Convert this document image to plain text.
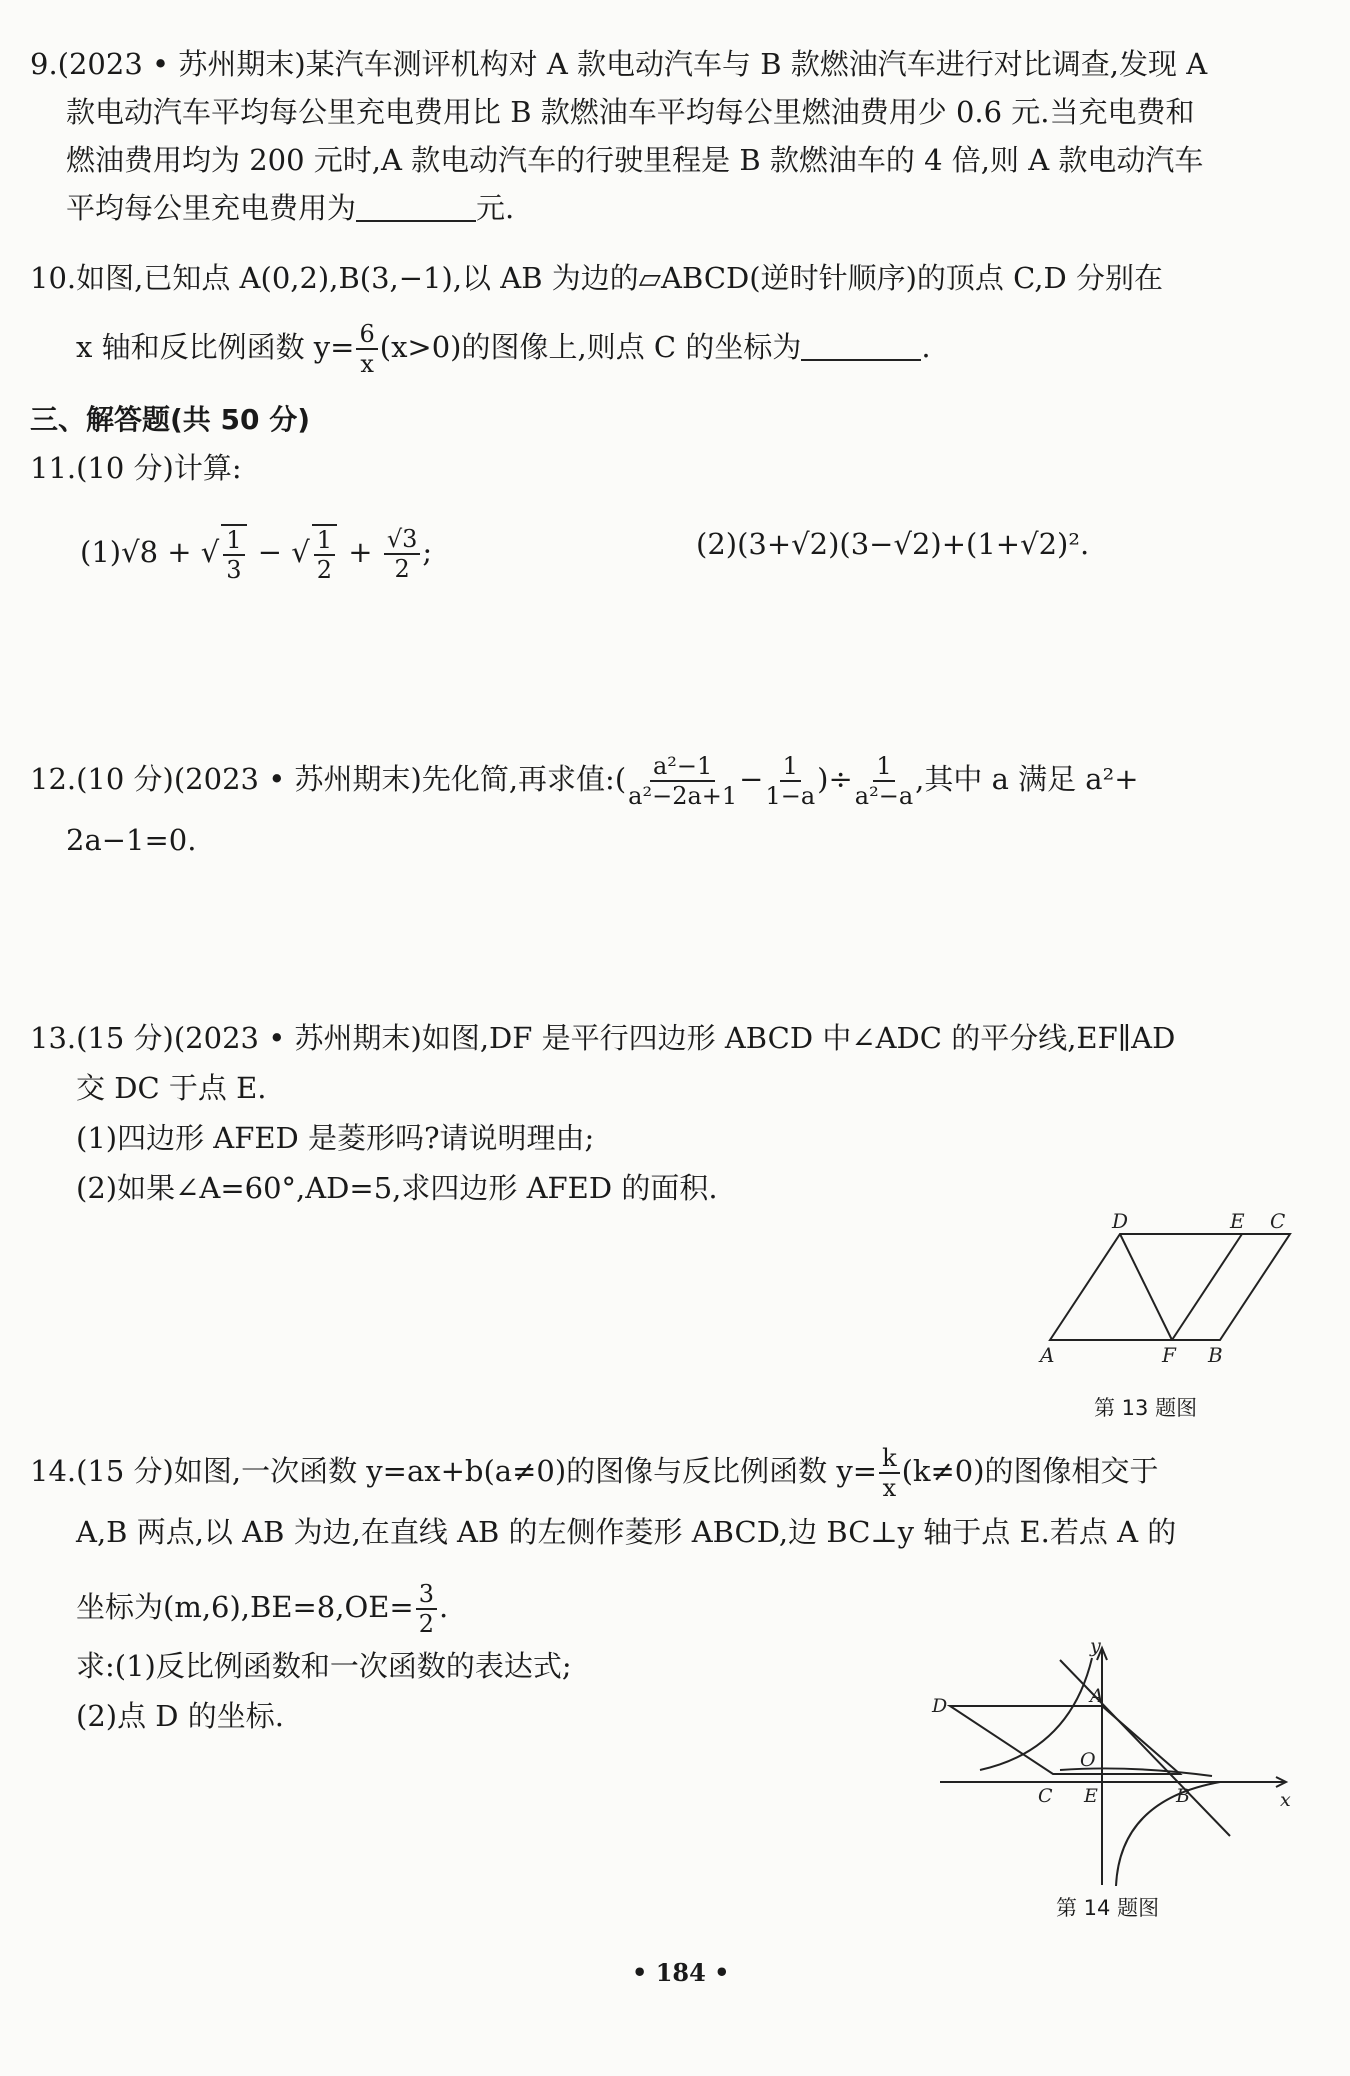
9.(2023 • 苏州期末)某汽车测评机构对 A 款电动汽车与 B 款燃油汽车进行对比调查,发现 A
款电动汽车平均每公里充电费用比 B 款燃油车平均每公里燃油费用少 0.6 元.当充电费和
燃油费用均为 200 元时,A 款电动汽车的行驶里程是 B 款燃油车的 4 倍,则 A 款电动汽车
平均每公里充电费用为	元.
10.如图,已知点 A(0,2),B(3,−1),以 AB 为边的▱ABCD(逆时针顺序)的顶点 C,D 分别在
x 轴和反比例函数 $y= \frac{6}{x} (x>0)$的图像上,则点 C 的坐标为	.
三、解答题(共 50 分)
11.(10 分)计算:
(1)√8 + √ $\frac{1}{3}$ − √ $\frac{1}{2} + \frac{√3}{2}$ ;	(2)(3+√2)(3−√2)+(1+√2)².
12.(10 分)(2023 • 苏州期末)先化简,再求值:( $\frac{\text{a²−1}}{\text{a²−2a+1}} - \frac{1}{1-a}$ )÷ $\frac{1}{\text{a²−a}}$ ,其中 a 满足 a²+
2a−1=0.
13.(15 分)(2023 • 苏州期末)如图,DF 是平行四边形 ABCD 中∠ADC 的平分线,EF∥AD
交 DC 于点 E.
(1)四边形 AFED 是菱形吗?请说明理由;
(2)如果∠A=60°,AD=5,求四边形 AFED 的面积.
D	E C
A	F B
第 13 题图
14.(15 分)如图,一次函数 y=ax+b(a≠0)的图像与反比例函数 $y= \frac{k}{x} (k\ne 0)$的图像相交于
A,B 两点,以 AB 为边,在直线 AB 的左侧作菱形 ABCD,边 BC⊥y 轴于点 E.若点 A 的
坐标为$(m,6),BE=8,OE= \frac{3}{2}$ .
求:(1)反比例函数和一次函数的表达式;
(2)点 D 的坐标.
y
x
A
D
O
C E	B
第 14 题图
• 184 •
